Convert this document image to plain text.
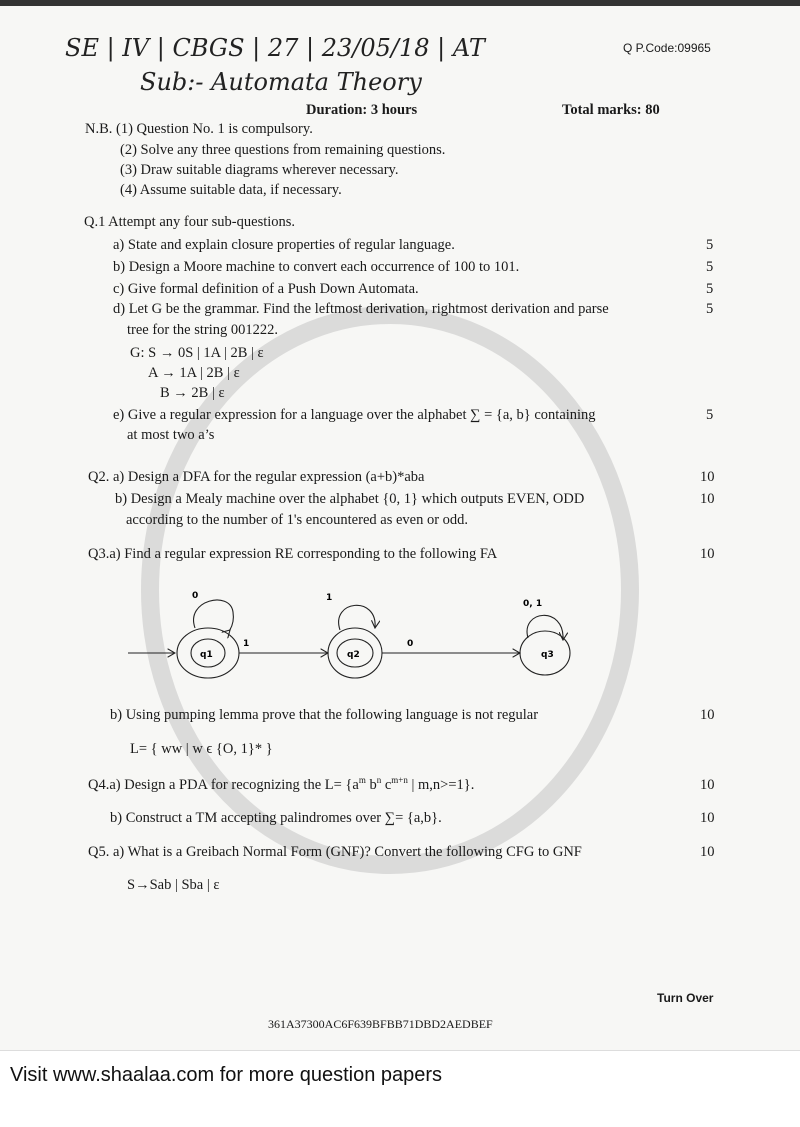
SE | IV | CBGS | 27 | 23/05/18 | AT
Sub:- Automata Theory
Q P.Code:09965
Duration: 3 hours	Total marks: 80
N.B. (1) Question No. 1 is compulsory.
(2) Solve any three questions from remaining questions.
(3) Draw suitable diagrams wherever necessary.
(4) Assume suitable data, if necessary.
Q.1 Attempt any four sub-questions.
a) State and explain closure properties of regular language.	5
b) Design a Moore machine to convert each occurrence of 100 to 101.	5
c) Give formal definition of a Push Down Automata.	5
d) Let G be the grammar. Find the leftmost derivation, rightmost derivation and parse	5
tree for the string 001222.
G: S → 0S | 1A | 2B | ε
A → 1A | 2B | ε
B → 2B | ε
e) Give a regular expression for a language over the alphabet ∑ = {a, b} containing	5
at most two a’s
Q2. a) Design a DFA for the regular expression (a+b)*aba	10
b) Design a Mealy machine over the alphabet {0, 1} which outputs EVEN, ODD	10
according to the number of 1's encountered as even or odd.
Q3.a) Find a regular expression RE corresponding to the following FA	10
q1	q2	q3
0	1
0, 1
1	0
b) Using pumping lemma prove that the following language is not regular	10
L= { ww | w ϵ {O, 1}* }
Q4.a) Design a PDA for recognizing the $L= \{a^m$ $b^n$ $c^{m+n}$ | m,n>=1}.	10
b) Construct a TM accepting palindromes over ∑= {a,b}.	10
Q5. a) What is a Greibach Normal Form (GNF)? Convert the following CFG to GNF	10
S→Sab | Sba | ε
Turn Over
361A37300AC6F639BFBB71DBD2AEDBEF
Visit www.shaalaa.com for more question papers
